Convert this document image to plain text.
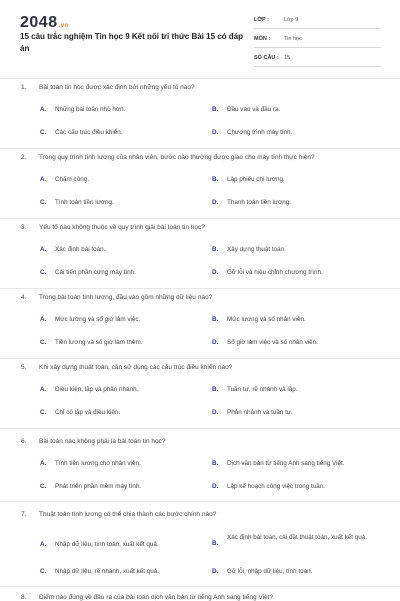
2048.vn
15 câu trắc nghiệm Tin học 9 Kết nối tri thức Bài 15 có đáp án
LỚP :	Lớp 9
MÔN :	Tin học
SỐ CÂU : 15
1. Bài toán tin học được xác định bởi những yếu tố nào?
A. Những bài toán nhỏ hơn.	B. Đầu vào và đầu ra.
C. Các cấu trúc điều khiển.	D. Chương trình máy tính.
2. Trong quy trình tính lương của nhân viên, bước nào thường được giao cho máy tính thực hiện?
A. Chấm công.	B. Lập phiếu chi lương.
C. Tính toán tiền lương.	D. Thanh toán tiền lương.
3. Yếu tố nào không thuộc về quy trình giải bài toán tin học?
A. Xác định bài toán.	B. Xây dựng thuật toán.
C. Cải tiến phần cứng máy tính.	D. Gỡ lỗi và hiệu chỉnh chương trình.
4. Trong bài toán tính lương, đầu vào gồm những dữ liệu nào?
A. Mức lương và số giờ làm việc.	B. Mức lương và số nhân viên.
C. Tiền lương và số giờ làm thêm.	D. Số giờ làm việc và số nhân viên.
5. Khi xây dựng thuật toán, cần sử dụng các cấu trúc điều khiển nào?
A. Điều kiện, lặp và phân nhánh.	B. Tuần tự, rẽ nhánh và lặp.
C. Chỉ có lặp và điều kiện.	D. Phân nhánh và tuần tự.
6. Bài toán nào không phải là bài toán tin học?
A. Tính tiền lương cho nhân viên.	B. Dịch văn bản từ tiếng Anh sang tiếng Việt.
C. Phát triển phần mềm máy tính.	D. Lập kế hoạch công việc trong tuần.
7. Thuật toán tính lương có thể chia thành các bước chính nào?
A. Nhập dữ liệu, tính toán, xuất kết quả.	B.
Xác định bài toán, cài đặt thuật toán, xuất kết quả.
C. Nhập dữ liệu, rẽ nhánh, xuất kết quả.	D. Gỡ lỗi, nhập dữ liệu, tính toán.
8. Điểm nào đúng về đầu ra của bài toán dịch văn bản từ tiếng Anh sang tiếng Việt?
